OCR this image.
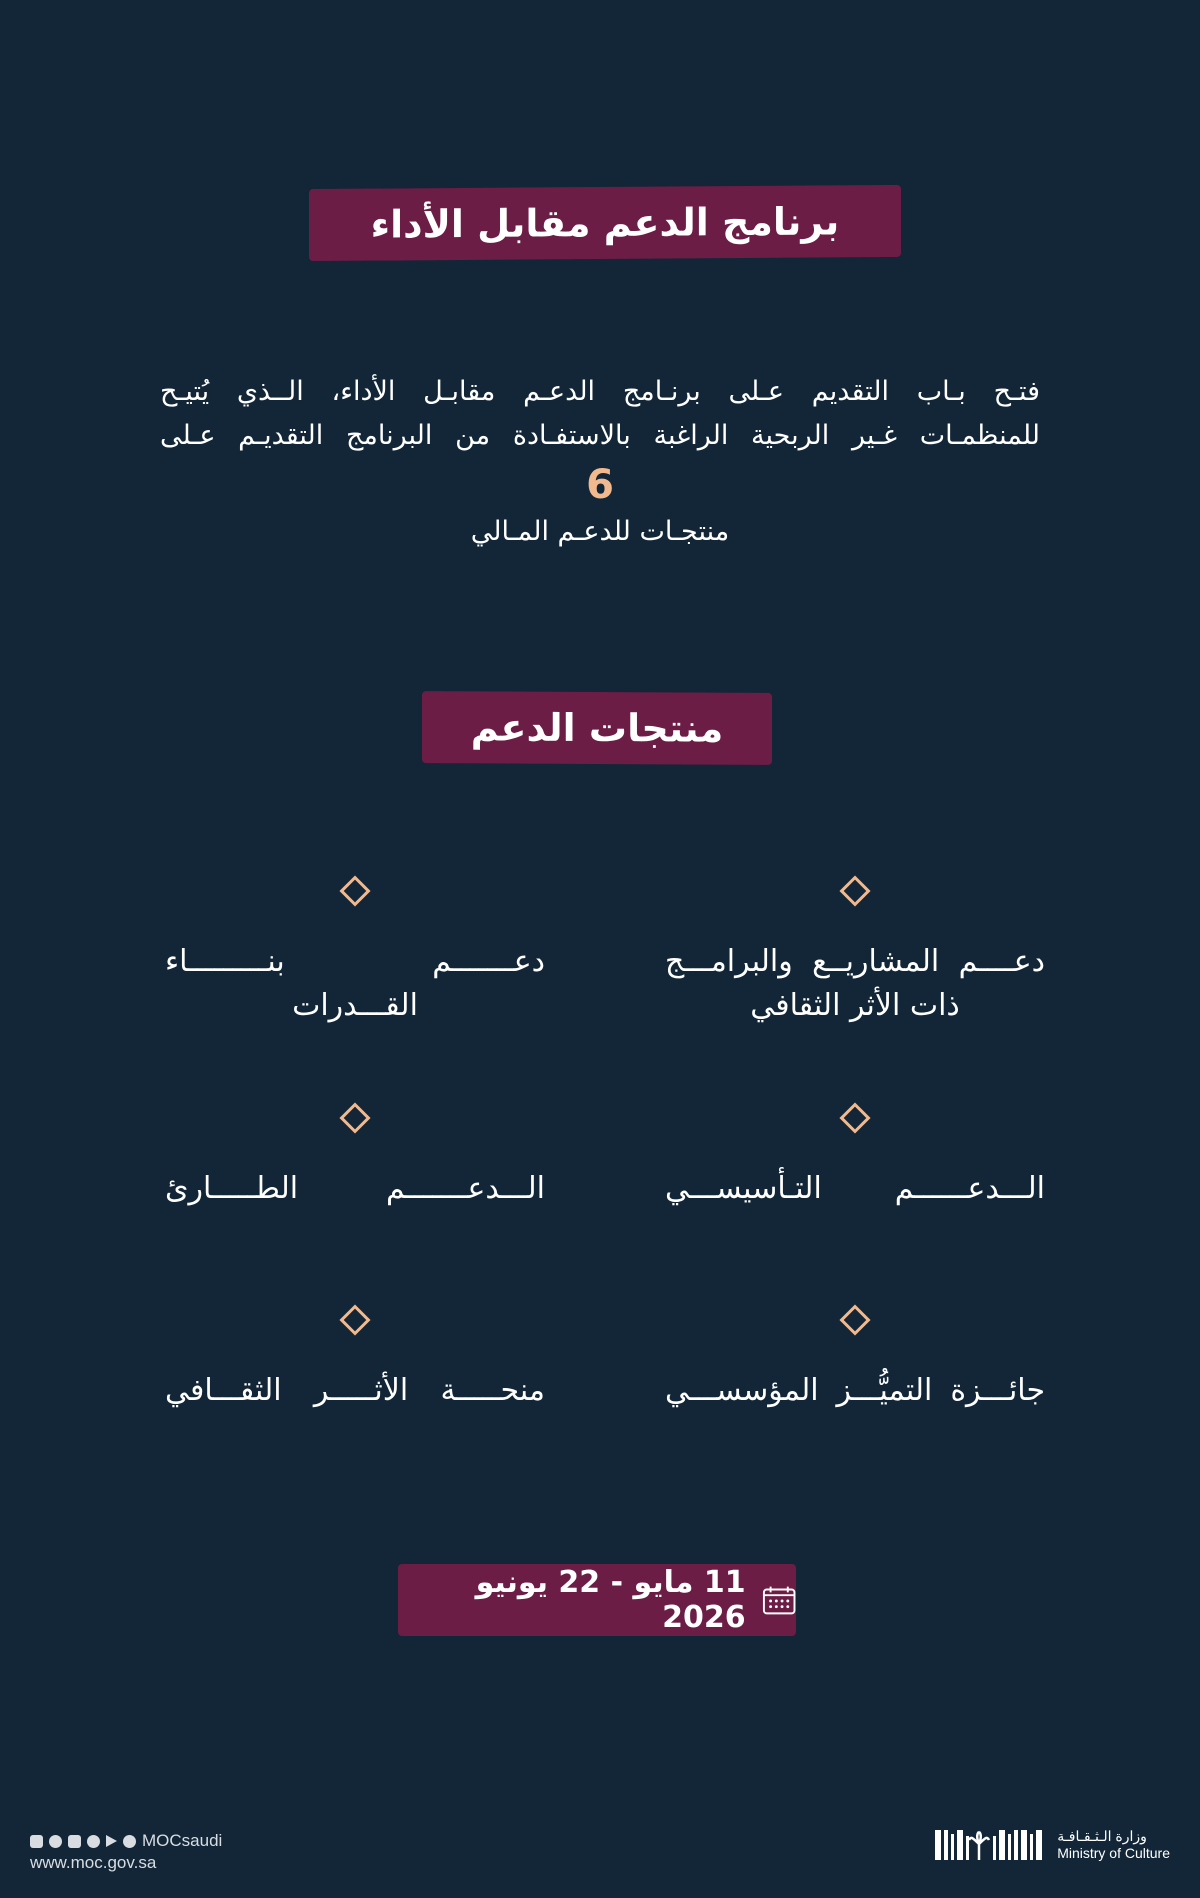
برنامج الدعم مقابل الأداء
فتـح بـاب التقديم عـلى برنـامج الدعـم مقابـل الأداء، الــذي يُتيـح
للمنظمـات غـير الربحية الراغبة بالاستفـادة من البرنامج التقديـم عـلى
6
منتجـات للدعـم المـالي
منتجات الدعم
دعــــم المشاريــع والبرامـــج
ذات الأثر الثقافي
دعـــــــم بنـــــــــاء
القـــدرات
الـــدعــــــم التـأسيســـي
الـــدعـــــــم الطـــــارئ
جائـــزة التميُّـــز المؤسســـي
منحـــــة الأثـــــر الثقـــافي
11 مايو - 22 يونيو 2026
MOCsaudi
www.moc.gov.sa
وزارة الـثـقـافـة
Ministry of Culture
